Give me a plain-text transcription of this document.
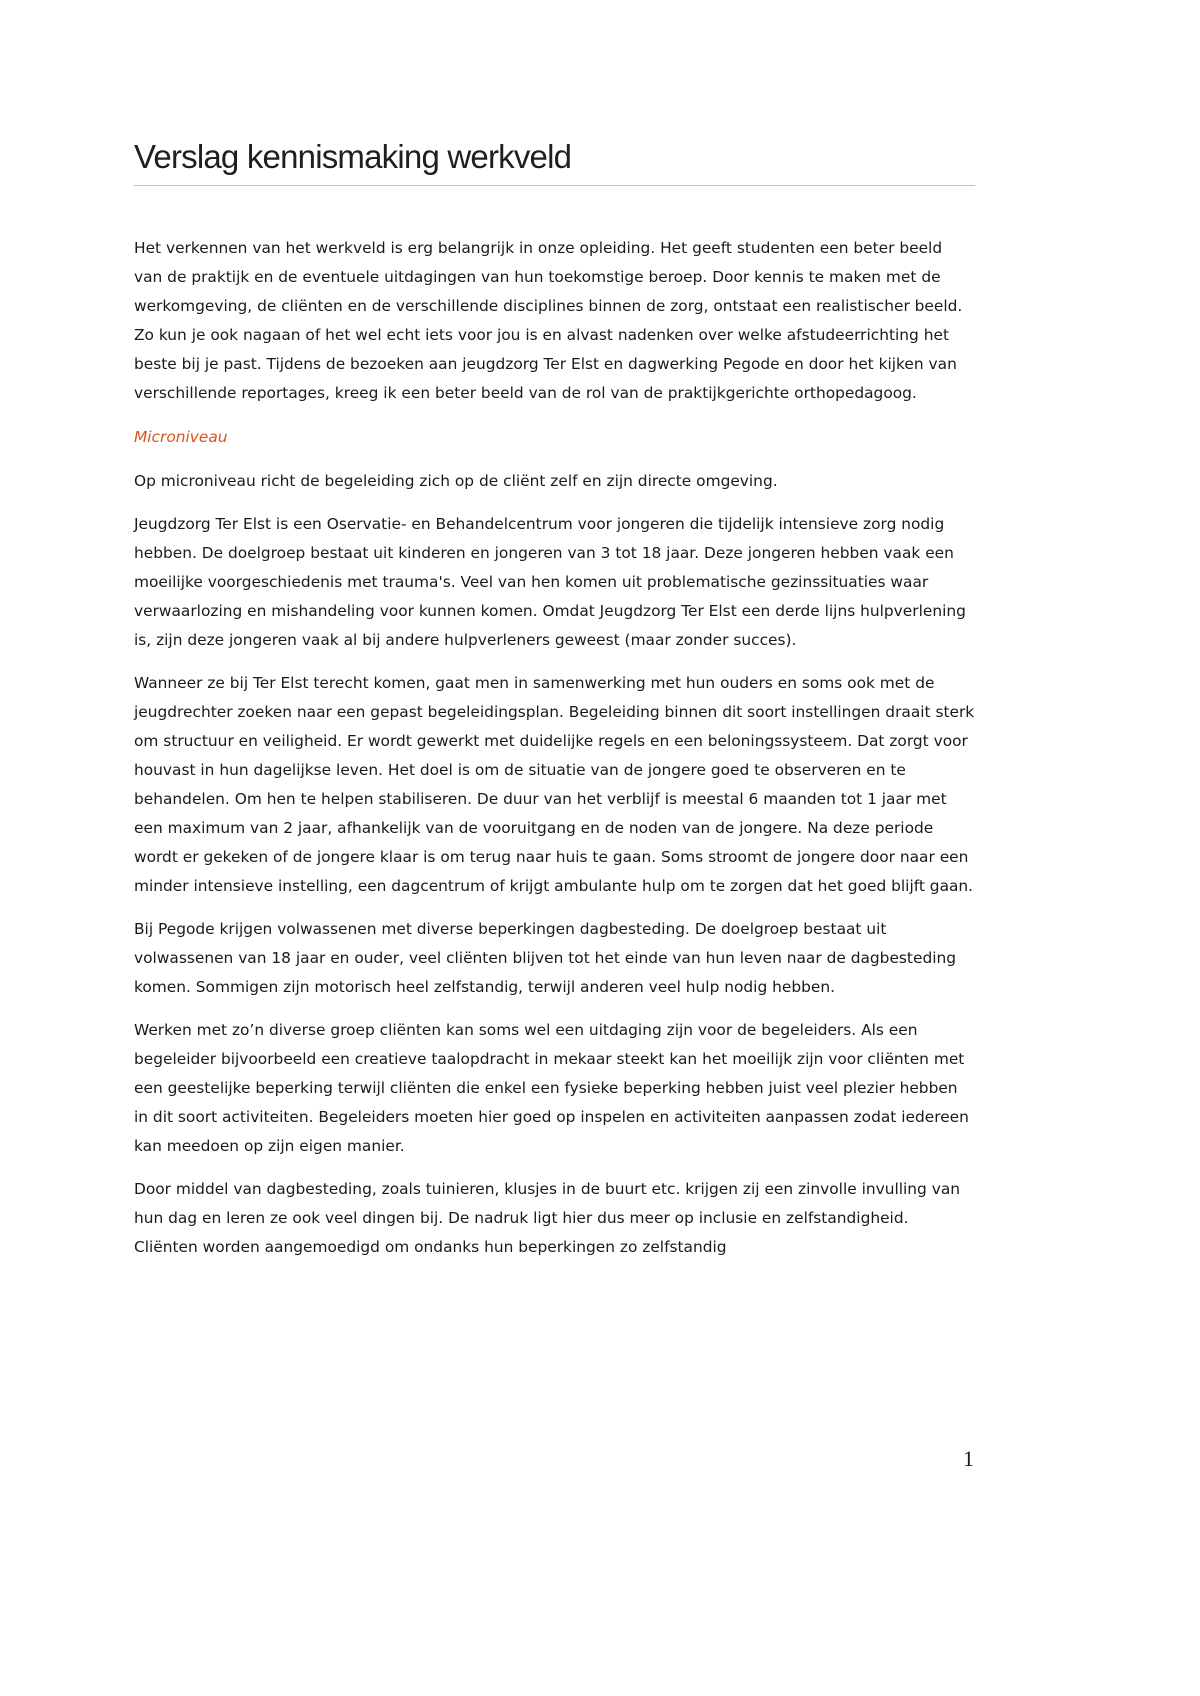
Verslag kennismaking werkveld

Het verkennen van het werkveld is erg belangrijk in onze opleiding. Het geeft studenten een beter beeld van de praktijk en de eventuele uitdagingen van hun toekomstige beroep. Door kennis te maken met de werkomgeving, de cliënten en de verschillende disciplines binnen de zorg, ontstaat een realistischer beeld. Zo kun je ook nagaan of het wel echt iets voor jou is en alvast nadenken over welke afstudeerrichting het beste bij je past. Tijdens de bezoeken aan jeugdzorg Ter Elst en dagwerking Pegode en door het kijken van verschillende reportages, kreeg ik een beter beeld van de rol van de praktijkgerichte orthopedagoog.

Microniveau

Op microniveau richt de begeleiding zich op de cliënt zelf en zijn directe omgeving.

Jeugdzorg Ter Elst is een Oservatie- en Behandelcentrum voor jongeren die tijdelijk intensieve zorg nodig hebben. De doelgroep bestaat uit kinderen en jongeren van 3 tot 18 jaar. Deze jongeren hebben vaak een moeilijke voorgeschiedenis met trauma's. Veel van hen komen uit problematische gezinssituaties waar verwaarlozing en mishandeling voor kunnen komen. Omdat Jeugdzorg Ter Elst een derde lijns hulpverlening is, zijn deze jongeren vaak al bij andere hulpverleners geweest (maar zonder succes).

Wanneer ze bij Ter Elst terecht komen, gaat men in samenwerking met hun ouders en soms ook met de jeugdrechter zoeken naar een gepast begeleidingsplan. Begeleiding binnen dit soort instellingen draait sterk om structuur en veiligheid. Er wordt gewerkt met duidelijke regels en een beloningssysteem. Dat zorgt voor houvast in hun dagelijkse leven. Het doel is om de situatie van de jongere goed te observeren en te behandelen. Om hen te helpen stabiliseren. De duur van het verblijf is meestal 6 maanden tot 1 jaar met een maximum van 2 jaar, afhankelijk van de vooruitgang en de noden van de jongere. Na deze periode wordt er gekeken of de jongere klaar is om terug naar huis te gaan. Soms stroomt de jongere door naar een minder intensieve instelling, een dagcentrum of krijgt ambulante hulp om te zorgen dat het goed blijft gaan.

Bij Pegode krijgen volwassenen met diverse beperkingen dagbesteding. De doelgroep bestaat uit volwassenen van 18 jaar en ouder, veel cliënten blijven tot het einde van hun leven naar de dagbesteding komen. Sommigen zijn motorisch heel zelfstandig, terwijl anderen veel hulp nodig hebben.

Werken met zo’n diverse groep cliënten kan soms wel een uitdaging zijn voor de begeleiders. Als een begeleider bijvoorbeeld een creatieve taalopdracht in mekaar steekt kan het moeilijk zijn voor cliënten met een geestelijke beperking terwijl cliënten die enkel een fysieke beperking hebben juist veel plezier hebben in dit soort activiteiten. Begeleiders moeten hier goed op inspelen en activiteiten aanpassen zodat iedereen kan meedoen op zijn eigen manier.

Door middel van dagbesteding, zoals tuinieren, klusjes in de buurt etc. krijgen zij een zinvolle invulling van hun dag en leren ze ook veel dingen bij. De nadruk ligt hier dus meer op inclusie en zelfstandigheid. Cliënten worden aangemoedigd om ondanks hun beperkingen zo zelfstandig

1
